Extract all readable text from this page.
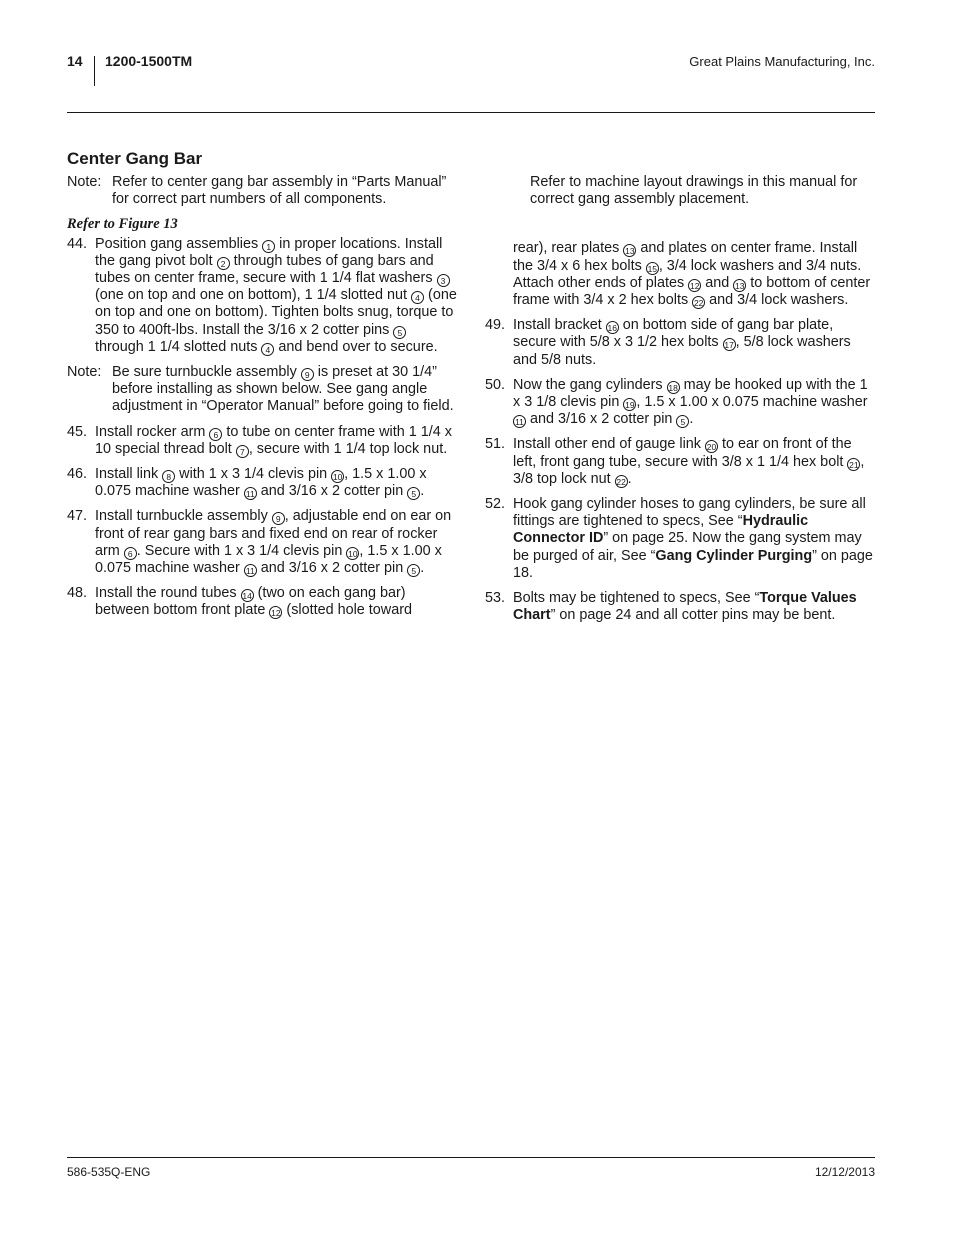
14 1200-1500TM	Great Plains Manufacturing, Inc.
Center Gang Bar
Note: Refer to center gang bar assembly in “Parts Manual” for correct part numbers of all components.
Refer to Figure 13
44. Position gang assemblies 1 in proper locations. Install the gang pivot bolt 2 through tubes of gang bars and tubes on center frame, secure with 1 1/4 flat washers 3 (one on top and one on bottom), 1 1/4 slotted nut 4 (one on top and one on bottom). Tighten bolts snug, torque to 350 to 400ft-lbs. Install the 3/16 x 2 cotter pins 5 through 1 1/4 slotted nuts 4 and bend over to secure.
Note: Be sure turnbuckle assembly 9 is preset at 30 1/4” before installing as shown below. See gang angle adjustment in “Operator Manual” before going to field.
45. Install rocker arm 6 to tube on center frame with 1 1/4 x 10 special thread bolt 7 , secure with 1 1/4 top lock nut.
46. Install link 8 with 1 x 3 1/4 clevis pin 10 , 1.5 x 1.00 x 0.075 machine washer 11 and 3/16 x 2 cotter pin 5 .
47. Install turnbuckle assembly 9 , adjustable end on ear on front of rear gang bars and fixed end on rear of rocker arm 6 . Secure with 1 x 3 1/4 clevis pin 10 , 1.5 x 1.00 x 0.075 machine washer 11 and 3/16 x 2 cotter pin 5 .
48. Install the round tubes 14 (two on each gang bar) between bottom front plate 12 (slotted hole toward
Refer to machine layout drawings in this manual for correct gang assembly placement.
rear), rear plates 13 and plates on center frame. Install the 3/4 x 6 hex bolts 15 , 3/4 lock washers and 3/4 nuts. Attach other ends of plates 12 and 13 to bottom of center frame with 3/4 x 2 hex bolts 22 and 3/4 lock washers.
49. Install bracket 16 on bottom side of gang bar plate, secure with 5/8 x 3 1/2 hex bolts 17 , 5/8 lock washers and 5/8 nuts.
50. Now the gang cylinders 18 may be hooked up with the 1 x 3 1/8 clevis pin 19 , 1.5 x 1.00 x 0.075 machine washer 11 and 3/16 x 2 cotter pin 5 .
51. Install other end of gauge link 20 to ear on front of the left, front gang tube, secure with 3/8 x 1 1/4 hex bolt 21 , 3/8 top lock nut 22 .
52. Hook gang cylinder hoses to gang cylinders, be sure all fittings are tightened to specs, See “Hydraulic Connector ID” on page 25. Now the gang system may be purged of air, See “Gang Cylinder Purging” on page 18.
53. Bolts may be tightened to specs, See “Torque Values Chart” on page 24 and all cotter pins may be bent.
586-535Q-ENG	12/12/2013
